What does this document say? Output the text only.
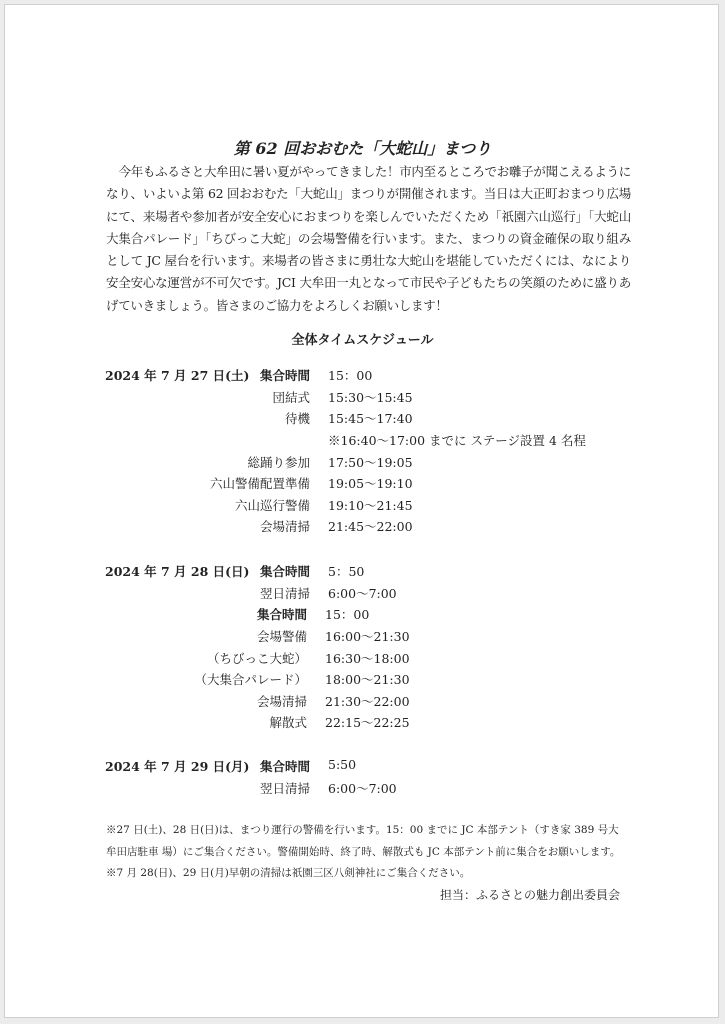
第 62 回おおむた「大蛇山」まつり

今年もふるさと大牟田に暑い夏がやってきました！市内至るところでお囃子が聞こえるようになり、いよいよ第 62 回おおむた「大蛇山」まつりが開催されます。当日は大正町おまつり広場にて、来場者や参加者が安全安心におまつりを楽しんでいただくため「祇園六山巡行」「大蛇山大集合パレード」「ちびっこ大蛇」の会場警備を行います。また、まつりの資金確保の取り組みとして JC 屋台を行います。来場者の皆さまに勇壮な大蛇山を堪能していただくには、なにより安全安心な運営が不可欠です。JCI 大牟田一丸となって市民や子どもたちの笑顔のために盛りあげていきましょう。皆さまのご協力をよろしくお願いします！

全体タイムスケジュール
2024 年 7 月 27 日(土) 集合時間 15：00
団結式 15:30～15:45
待機 15:45～17:40
※16:40～17:00 までに ステージ設置 4 名程
総踊り参加 17:50～19:05
六山警備配置準備 19:05～19:10
六山巡行警備 19:10～21:45
会場清掃 21:45～22:00
2024 年 7 月 28 日(日) 集合時間 5：50
翌日清掃 6:00～7:00
集合時間 15：00
会場警備 16:00～21:30
（ちびっこ大蛇） 16:30～18:00
（大集合パレード） 18:00～21:30
会場清掃 21:30～22:00
解散式 22:15～22:25
2024 年 7 月 29 日(月) 集合時間 5:50
翌日清掃 6:00～7:00

※27 日(土)、28 日(日)は、まつり運行の警備を行います。15：00 までに JC 本部テント（すき家 389 号大牟田店駐車 場）にご集合ください。警備開始時、終了時、解散式も JC 本部テント前に集合をお願いします。 ※7 月 28(日)、29 日(月)早朝の清掃は祇園三区八剣神社にご集合ください。

担当：ふるさとの魅力創出委員会
